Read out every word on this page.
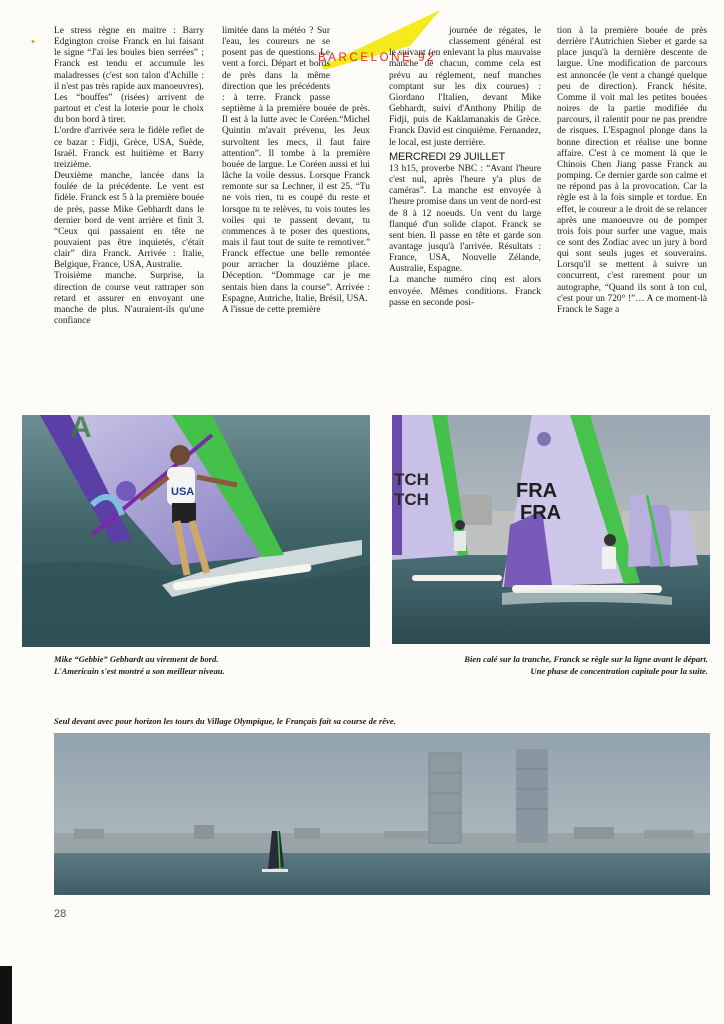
✦
BARCELONE 92

Le stress règne en maitre : Barry Edgington croise Franck en lui faisant le signe “J'ai les boules bien serrées” ; Franck est tendu et accumule les maladresses (c'est son talon d'Achille : il n'est pas très rapide aux manoeuvres).

Les “bouffes” (risées) arrivent de partout et c'est la loterie pour le choix du bon bord à tirer.

L'ordre d'arrivée sera le fidèle reflet de ce bazar : Fidji, Grèce, USA, Suède, Israël. Franck est huitième et Barry treizième.

Deuxième manche, lancée dans la foulée de la précédente. Le vent est fidèle. Franck est 5 à la première bouée de près, passe Mike Gebhardt dans le dernier bord de vent arrière et finit 3. “Ceux qui passaient en tête ne pouvaient pas être inquietés, c'était clair” dira Franck. Arrivée : Italie, Belgique, France, USA, Australie.

Troisième manche. Surprise, la direction de course veut rattraper son retard et assurer en envoyant une manche de plus. N'auraient-ils qu'une confiance

limitée dans la météo ? Sur l'eau, les coureurs ne se posent pas de questions. Le vent a forci. Départ et bords de près dans la même direction que les précédents : à terre. Franck passe septième à la première bouée de près. Il est à la lutte avec le Coréen.“Michel Quintin m'avait prévenu, les Jeux survoltent les mecs, il faut faire attention”. Il tombe à la première bouée de largue. Le Coréen aussi et lui lâche la voile dessus. Lorsque Franck remonte sur sa Lechner, il est 25. “Tu ne vois rien, tu es coupé du reste et lorsque tu te relèves, tu vois toutes les voiles qui te passent devant, tu commences à te poser des questions, mais il faut tout de suite te remotiver.” Franck effectue une belle remontée pour arracher la douzième place. Déception. “Dommage car je me sentais bien dans la course”. Arrivée : Espagne, Autriche, Italie, Brésil, USA.

A l'issue de cette première

journée de régates, le classement général est le suivant (en enlevant la plus mauvaise manche de chacun, comme cela est prévu au réglement, neuf manches comptant sur les dix courues) : Giordano l'Italien, devant Mike Gebhardt, suivi d'Anthony Philip de Fidji, puis de Kaklamanakis de Grèce. Franck David est cinquième. Fernandez, le local, est juste derrière.

MERCREDI 29 JUILLET

13 h15, proverbe NBC : “Avant l'heure c'est nul, après l'heure y'a plus de caméras”. La manche est envoyée à l'heure promise dans un vent de nord-est de 8 à 12 noeuds. Un vent du large flanqué d'un solide clapot. Franck se sent bien. Il passe en tête et garde son avantage jusqu'à l'arrivée. Résultats : France, USA, Nouvelle Zélande, Australie, Espagne.

La manche numéro cinq est alors envoyée. Mêmes conditions. Franck passe en seconde posi-

tion à la première bouée de près derrière l'Autrichien Sieber et garde sa place jusqu'à la dernière descente de largue. Une modification de parcours est annoncée (le vent a changé quelque peu de direction). Franck hésite. Comme il voit mal les petites bouées noires de la partie modifiée du parcours, il ralentit pour ne pas prendre de risques. L'Espagnol plonge dans la bonne direction et réalise une bonne affaire. C'est à ce moment là que le Chinois Chen Jiang passe Franck au pomping. Ce dernier garde son calme et ne répond pas à la provocation. Car la règle est à la fois simple et tordue. En effet, le coureur a le droit de se relancer après une manoeuvre ou de pomper trois fois pour surfer une vague, mais ce sont des Zodiac avec un jury à bord qui sont seuls juges et souverains. Lorsqu'il se mettent à suivre un concurrent, c'est rarement pour un autographe, “Quand ils sont à ton cul, c'est pour un 720° !”… A ce moment-là Franck le Sage a

A
USA
TCH
TCH	FRA
FRA
Mike “Gebbie” Gebhardt au virement de bord.
L'Americain s'est montré a son meilleur niveau.
Bien calé sur la tranche, Franck se règle sur la ligne avant le départ.
Une phase de concentration capitale pour la suite.
Seul devant avec pour horizon les tours du Village Olympique, le Français fait sa course de rêve.
28
